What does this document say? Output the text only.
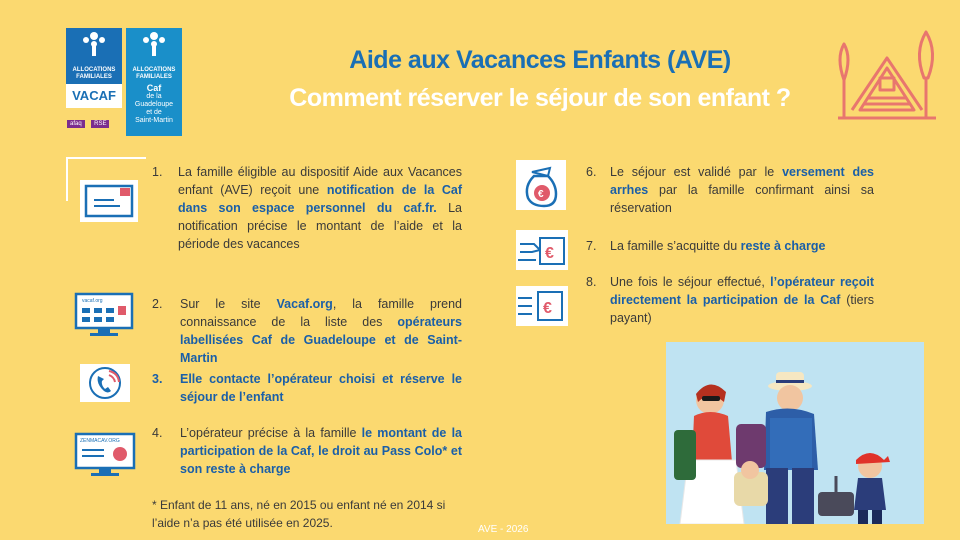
ALLOCATIONS
FAMILIALES
VACAF
ALLOCATIONS
FAMILIALES
Caf
de la
Guadeloupe
et de
Saint-Martin
afaq RSE
Aide aux Vacances Enfants (AVE)
Comment réserver le séjour de son enfant ?
1.	La famille éligible au dispositif Aide aux Vacances enfant (AVE) reçoit une notification de la Caf dans son espace personnel du caf.fr. La notification précise le montant de l’aide et la période des vacances
vacaf.org	2.	Sur le site Vacaf.org, la famille prend connaissance de la liste des opérateurs labellisées Caf de Guadeloupe et de Saint-Martin
3.	Elle contacte l’opérateur choisi et réserve le séjour de l’enfant
ZENMACAV.ORG
4.	L’opérateur précise à la famille le montant de la participation de la Caf, le droit au Pass Colo* et son reste à charge
* Enfant de 11 ans, né en 2015 ou enfant né en 2014 si l’aide n’a pas été utilisée en 2025.
€
6.	Le séjour est validé par le versement des arrhes par la famille confirmant ainsi sa réservation
€	7.	La famille s’acquitte du reste à charge
€
8.	Une fois le séjour effectué, l’opérateur reçoit directement la participation de la Caf (tiers payant)
AVE - 2026
